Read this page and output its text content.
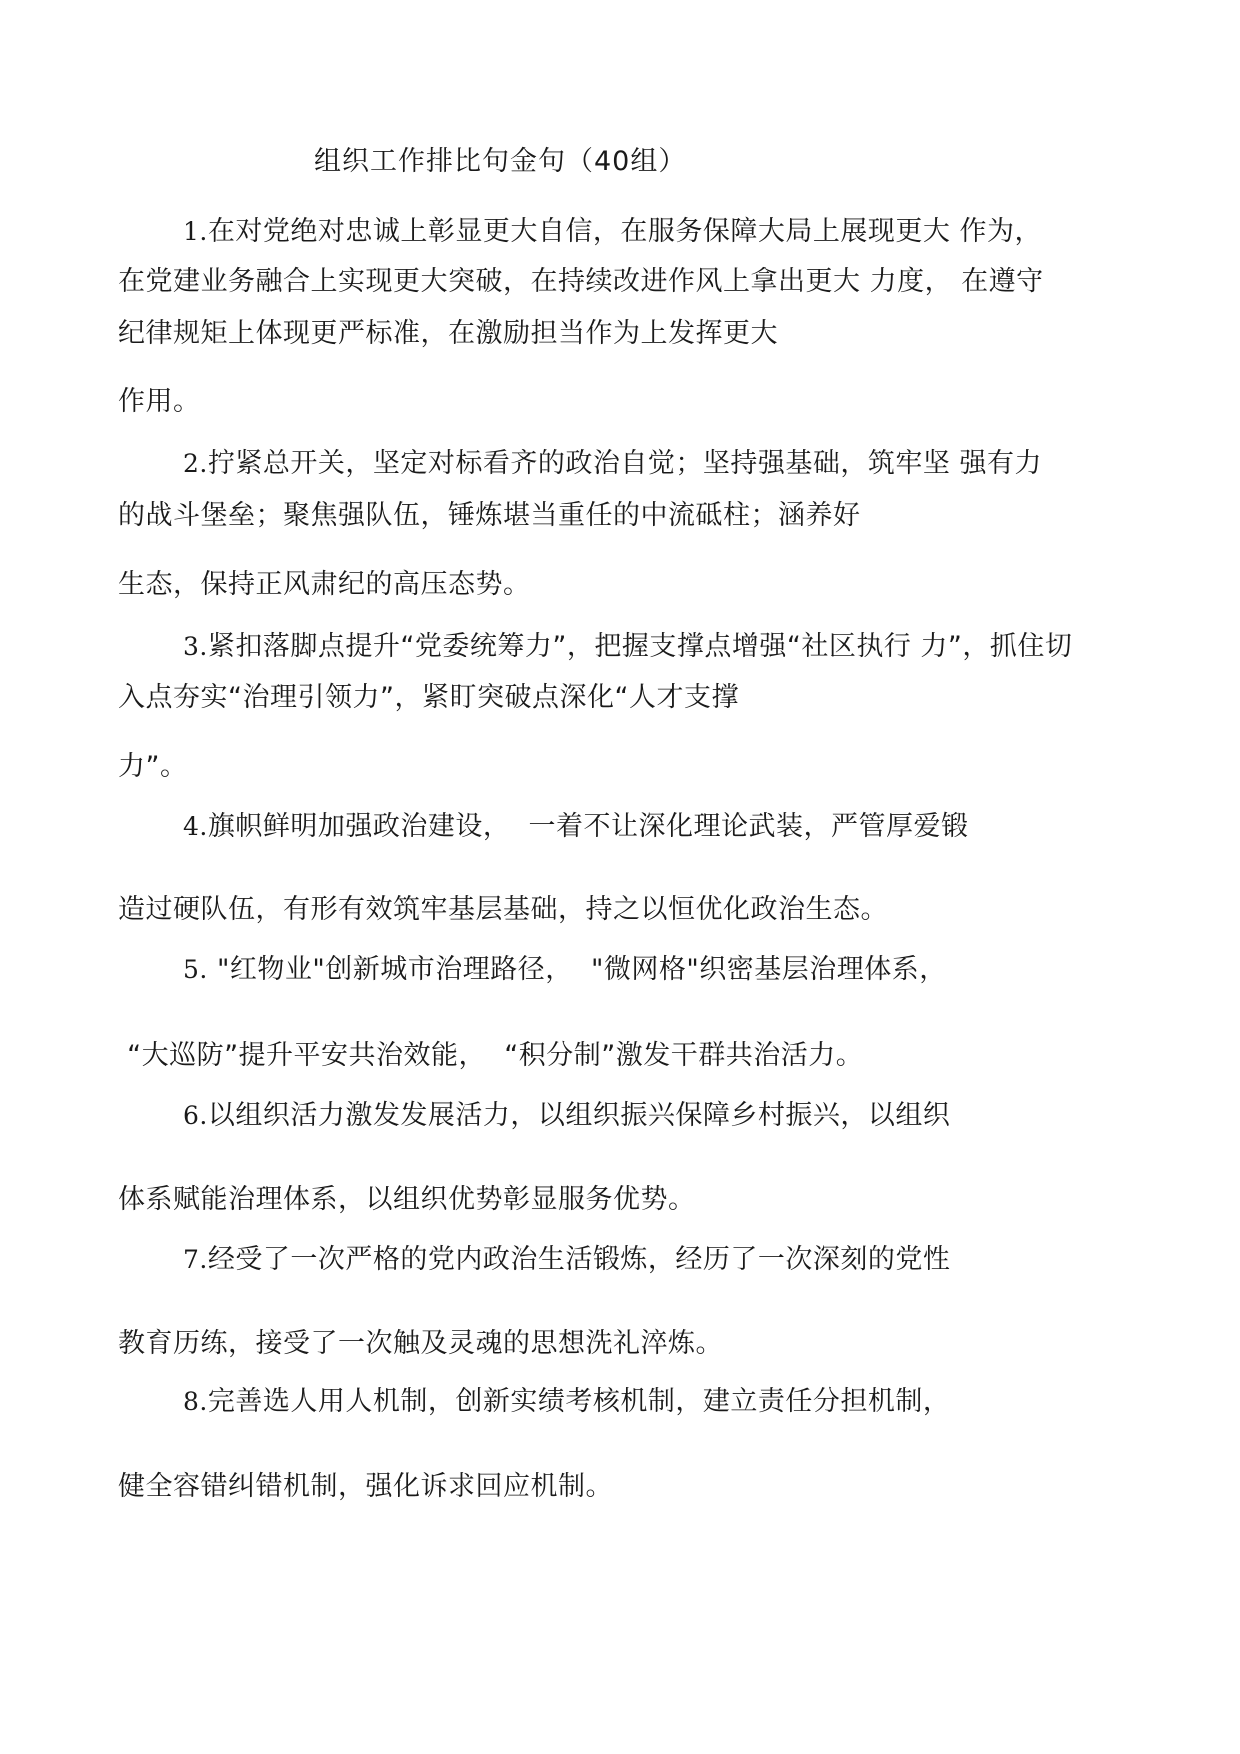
组织工作排比句金句（40组）
1.在对党绝对忠诚上彰显更大自信，在服务保障大局上展现更大 作为，
在党建业务融合上实现更大突破，在持续改进作风上拿出更大 力度， 在遵守
纪律规矩上体现更严标准，在激励担当作为上发挥更大
作用。
2.拧紧总开关，坚定对标看齐的政治自觉；坚持强基础，筑牢坚 强有力
的战斗堡垒；聚焦强队伍，锤炼堪当重任的中流砥柱；涵养好
生态，保持正风肃纪的高压态势。
3.紧扣落脚点提升“党委统筹力”，把握支撑点增强“社区执行 力”，抓住切
入点夯实“治理引领力”，紧盯突破点深化“人才支撑
力”。
4.旗帜鲜明加强政治建设，  一着不让深化理论武装，严管厚爱锻
造过硬队伍，有形有效筑牢基层基础，持之以恒优化政治生态。
5. "红物业"创新城市治理路径，  "微网格"织密基层治理体系，
“大巡防”提升平安共治效能，  “积分制”激发干群共治活力。
6.以组织活力激发发展活力，以组织振兴保障乡村振兴，以组织
体系赋能治理体系，以组织优势彰显服务优势。
7.经受了一次严格的党内政治生活锻炼，经历了一次深刻的党性
教育历练，接受了一次触及灵魂的思想洗礼淬炼。
8.完善选人用人机制，创新实绩考核机制，建立责任分担机制，
健全容错纠错机制，强化诉求回应机制。
